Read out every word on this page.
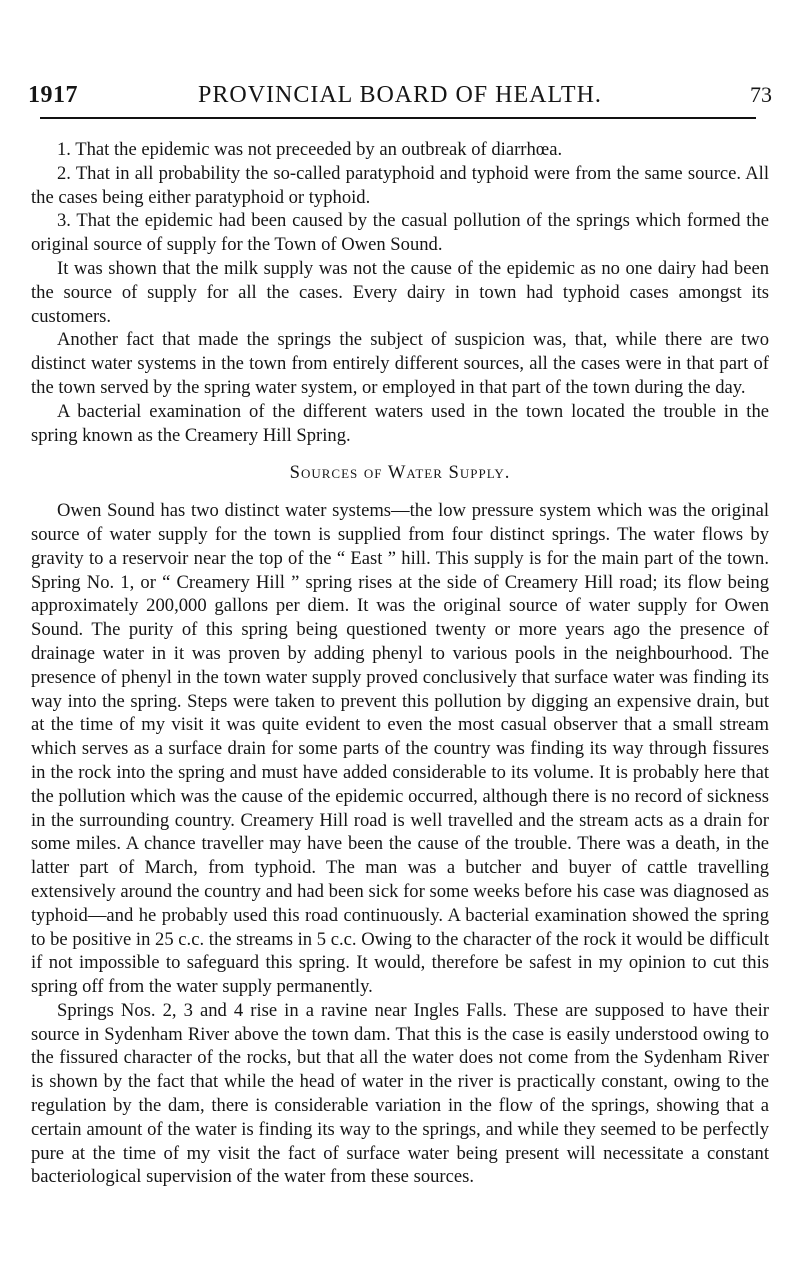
1917	PROVINCIAL BOARD OF HEALTH.	73

1. That the epidemic was not preceeded by an outbreak of diarrhœa.

2. That in all probability the so-called paratyphoid and typhoid were from the same source. All the cases being either paratyphoid or typhoid.

3. That the epidemic had been caused by the casual pollution of the springs which formed the original source of supply for the Town of Owen Sound.

It was shown that the milk supply was not the cause of the epidemic as no one dairy had been the source of supply for all the cases. Every dairy in town had typhoid cases amongst its customers.

Another fact that made the springs the subject of suspicion was, that, while there are two distinct water systems in the town from entirely different sources, all the cases were in that part of the town served by the spring water system, or employed in that part of the town during the day.

A bacterial examination of the different waters used in the town located the trouble in the spring known as the Creamery Hill Spring.

Sources of Water Supply.

Owen Sound has two distinct water systems—the low pressure system which was the original source of water supply for the town is supplied from four distinct springs. The water flows by gravity to a reservoir near the top of the “ East ” hill. This supply is for the main part of the town. Spring No. 1, or “ Creamery Hill ” spring rises at the side of Creamery Hill road; its flow being approximately 200,000 gallons per diem. It was the original source of water supply for Owen Sound. The purity of this spring being questioned twenty or more years ago the presence of drainage water in it was proven by adding phenyl to various pools in the neighbourhood. The presence of phenyl in the town water supply proved conclusively that surface water was finding its way into the spring. Steps were taken to prevent this pollution by digging an expensive drain, but at the time of my visit it was quite evident to even the most casual observer that a small stream which serves as a surface drain for some parts of the country was finding its way through fissures in the rock into the spring and must have added considerable to its volume. It is probably here that the pollution which was the cause of the epidemic occurred, although there is no record of sickness in the surrounding country. Creamery Hill road is well travelled and the stream acts as a drain for some miles. A chance traveller may have been the cause of the trouble. There was a death, in the latter part of March, from typhoid. The man was a butcher and buyer of cattle travelling extensively around the country and had been sick for some weeks before his case was diagnosed as typhoid—and he probably used this road continuously. A bacterial examination showed the spring to be positive in 25 c.c. the streams in 5 c.c. Owing to the character of the rock it would be difficult if not impossible to safeguard this spring. It would, therefore be safest in my opinion to cut this spring off from the water supply permanently.

Springs Nos. 2, 3 and 4 rise in a ravine near Ingles Falls. These are supposed to have their source in Sydenham River above the town dam. That this is the case is easily understood owing to the fissured character of the rocks, but that all the water does not come from the Sydenham River is shown by the fact that while the head of water in the river is practically constant, owing to the regulation by the dam, there is considerable variation in the flow of the springs, showing that a certain amount of the water is finding its way to the springs, and while they seemed to be perfectly pure at the time of my visit the fact of surface water being present will necessitate a constant bacteriological supervision of the water from these sources.
